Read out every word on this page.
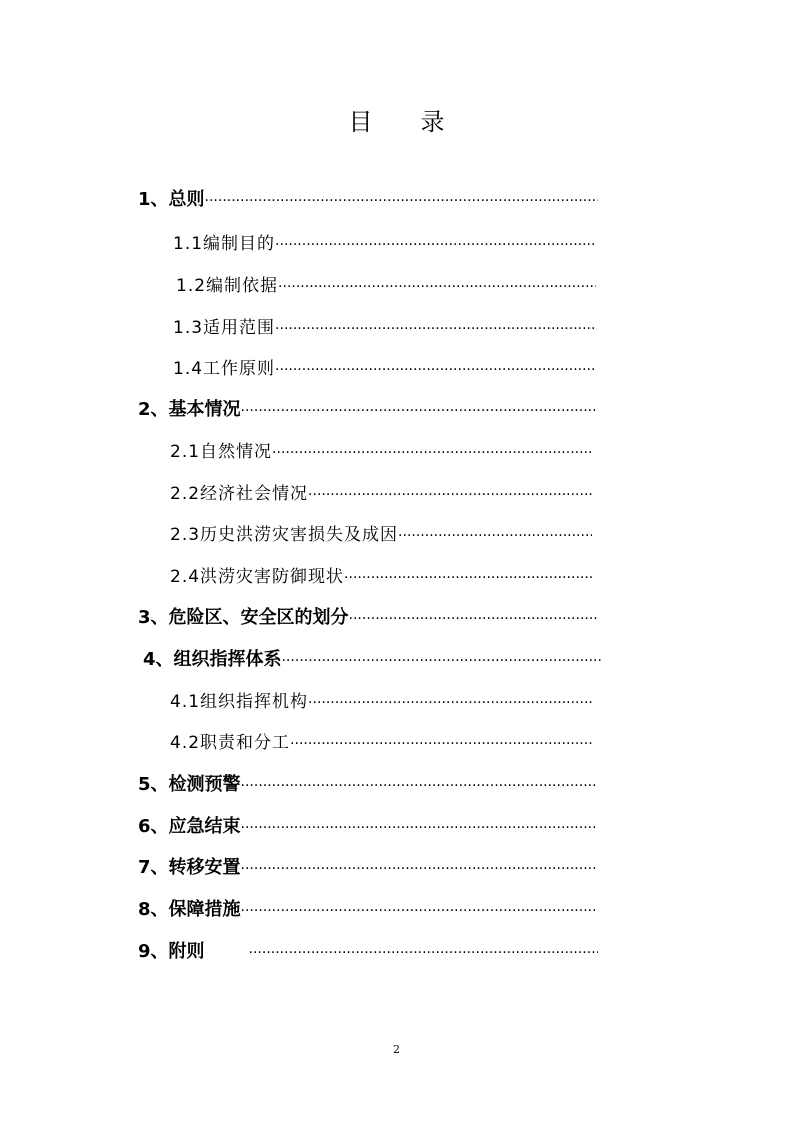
目 录
1、 总则
·····
1.1 编制目的
·····
1.2 编制依据
·····
1.3 适用范围
·····
1.4 工作原则
·····
2、 基本情况
·····
2.1 自然情况
·····
2.2 经济社会情况
·····
2.3 历史洪涝灾害损失及成因
·····
2.4 洪涝灾害防御现状
·····
3、 危险区、安全区的划分
·····
4、 组织指挥体系
·····
4.1 组织指挥机构
·····
4.2 职责和分工
·····
5、 检测预警
·····
6、 应急结束
·····
7、 转移安置
·····
8、 保障措施
·····
9、 附则
·····
2
